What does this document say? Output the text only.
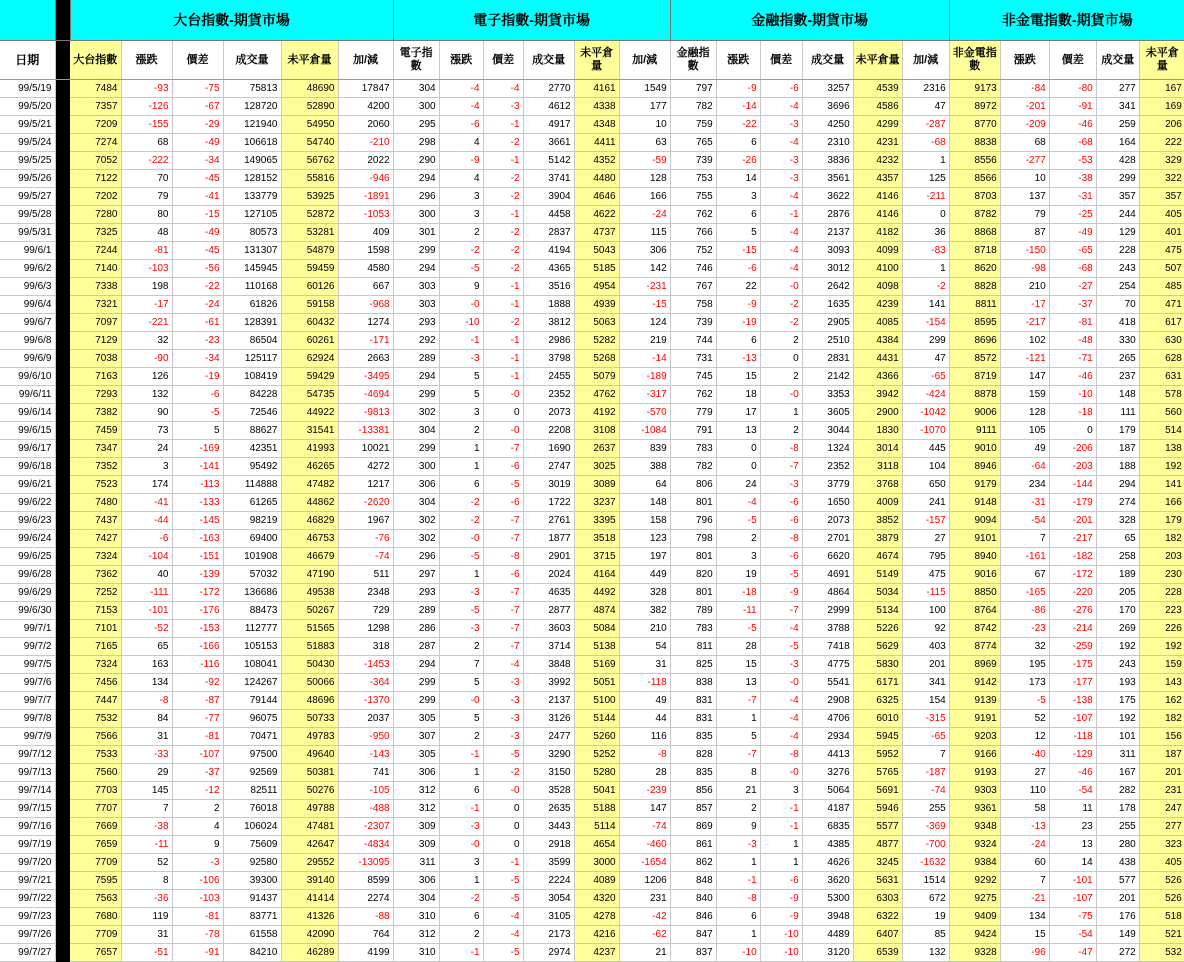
		大台指數-期貨市場						電子指數-期貨市場						金融指數-期貨市場						非金電指數-期貨市場				
日期		大台指數	漲跌	價差	成交量	未平倉量	加/減	電子指數	漲跌	價差	成交量	未平倉量	加/減	金融指數	漲跌	價差	成交量	未平倉量	加/減	非金電指數	漲跌	價差	成交量	未平倉量
99/5/19		7484	-93	-75	75813	48690	17847	304	-4	-4	2770	4161	1549	797	-9	-6	3257	4539	2316	9173	-84	-80	277	167
99/5/20		7357	-126	-67	128720	52890	4200	300	-4	-3	4612	4338	177	782	-14	-4	3696	4586	47	8972	-201	-91	341	169
99/5/21		7209	-155	-29	121940	54950	2060	295	-6	-1	4917	4348	10	759	-22	-3	4250	4299	-287	8770	-209	-46	259	206
99/5/24		7274	68	-49	106618	54740	-210	298	4	-2	3661	4411	63	765	6	-4	2310	4231	-68	8838	68	-68	164	222
99/5/25		7052	-222	-34	149065	56762	2022	290	-9	-1	5142	4352	-59	739	-26	-3	3836	4232	1	8556	-277	-53	428	329
99/5/26		7122	70	-45	128152	55816	-946	294	4	-2	3741	4480	128	753	14	-3	3561	4357	125	8566	10	-38	299	322
99/5/27		7202	79	-41	133779	53925	-1891	296	3	-2	3904	4646	166	755	3	-4	3622	4146	-211	8703	137	-31	357	357
99/5/28		7280	80	-15	127105	52872	-1053	300	3	-1	4458	4622	-24	762	6	-1	2876	4146	0	8782	79	-25	244	405
99/5/31		7325	48	-49	80573	53281	409	301	2	-2	2837	4737	115	766	5	-4	2137	4182	36	8868	87	-49	129	401
99/6/1		7244	-81	-45	131307	54879	1598	299	-2	-2	4194	5043	306	752	-15	-4	3093	4099	-83	8718	-150	-65	228	475
99/6/2		7140	-103	-56	145945	59459	4580	294	-5	-2	4365	5185	142	746	-6	-4	3012	4100	1	8620	-98	-68	243	507
99/6/3		7338	198	-22	110168	60126	667	303	9	-1	3516	4954	-231	767	22	-0	2642	4098	-2	8828	210	-27	254	485
99/6/4		7321	-17	-24	61826	59158	-968	303	-0	-1	1888	4939	-15	758	-9	-2	1635	4239	141	8811	-17	-37	70	471
99/6/7		7097	-221	-61	128391	60432	1274	293	-10	-2	3812	5063	124	739	-19	-2	2905	4085	-154	8595	-217	-81	418	617
99/6/8		7129	32	-23	86504	60261	-171	292	-1	-1	2986	5282	219	744	6	2	2510	4384	299	8696	102	-48	330	630
99/6/9		7038	-90	-34	125117	62924	2663	289	-3	-1	3798	5268	-14	731	-13	0	2831	4431	47	8572	-121	-71	265	628
99/6/10		7163	126	-19	108419	59429	-3495	294	5	-1	2455	5079	-189	745	15	2	2142	4366	-65	8719	147	-46	237	631
99/6/11		7293	132	-6	84228	54735	-4694	299	5	-0	2352	4762	-317	762	18	-0	3353	3942	-424	8878	159	-10	148	578
99/6/14		7382	90	-5	72546	44922	-9813	302	3	0	2073	4192	-570	779	17	1	3605	2900	-1042	9006	128	-18	111	560
99/6/15		7459	73	5	88627	31541	-13381	304	2	-0	2208	3108	-1084	791	13	2	3044	1830	-1070	9111	105	0	179	514
99/6/17		7347	24	-169	42351	41993	10021	299	1	-7	1690	2637	839	783	0	-8	1324	3014	445	9010	49	-206	187	138
99/6/18		7352	3	-141	95492	46265	4272	300	1	-6	2747	3025	388	782	0	-7	2352	3118	104	8946	-64	-203	188	192
99/6/21		7523	174	-113	114888	47482	1217	306	6	-5	3019	3089	64	806	24	-3	3779	3768	650	9179	234	-144	294	141
99/6/22		7480	-41	-133	61265	44862	-2620	304	-2	-6	1722	3237	148	801	-4	-6	1650	4009	241	9148	-31	-179	274	166
99/6/23		7437	-44	-145	98219	46829	1967	302	-2	-7	2761	3395	158	796	-5	-6	2073	3852	-157	9094	-54	-201	328	179
99/6/24		7427	-6	-163	69400	46753	-76	302	-0	-7	1877	3518	123	798	2	-8	2701	3879	27	9101	7	-217	65	182
99/6/25		7324	-104	-151	101908	46679	-74	296	-5	-8	2901	3715	197	801	3	-6	6620	4674	795	8940	-161	-182	258	203
99/6/28		7362	40	-139	57032	47190	511	297	1	-6	2024	4164	449	820	19	-5	4691	5149	475	9016	67	-172	189	230
99/6/29		7252	-111	-172	136686	49538	2348	293	-3	-7	4635	4492	328	801	-18	-9	4864	5034	-115	8850	-165	-220	205	228
99/6/30		7153	-101	-176	88473	50267	729	289	-5	-7	2877	4874	382	789	-11	-7	2999	5134	100	8764	-86	-276	170	223
99/7/1		7101	-52	-153	112777	51565	1298	286	-3	-7	3603	5084	210	783	-5	-4	3788	5226	92	8742	-23	-214	269	226
99/7/2		7165	65	-166	105153	51883	318	287	2	-7	3714	5138	54	811	28	-5	7418	5629	403	8774	32	-259	192	192
99/7/5		7324	163	-116	108041	50430	-1453	294	7	-4	3848	5169	31	825	15	-3	4775	5830	201	8969	195	-175	243	159
99/7/6		7456	134	-92	124267	50066	-364	299	5	-3	3992	5051	-118	838	13	-0	5541	6171	341	9142	173	-177	193	143
99/7/7		7447	-8	-87	79144	48696	-1370	299	-0	-3	2137	5100	49	831	-7	-4	2908	6325	154	9139	-5	-138	175	162
99/7/8		7532	84	-77	96075	50733	2037	305	5	-3	3126	5144	44	831	1	-4	4706	6010	-315	9191	52	-107	192	182
99/7/9		7566	31	-81	70471	49783	-950	307	2	-3	2477	5260	116	835	5	-4	2934	5945	-65	9203	12	-118	101	156
99/7/12		7533	-33	-107	97500	49640	-143	305	-1	-5	3290	5252	-8	828	-7	-8	4413	5952	7	9166	-40	-129	311	187
99/7/13		7560	29	-37	92569	50381	741	306	1	-2	3150	5280	28	835	8	-0	3276	5765	-187	9193	27	-46	167	201
99/7/14		7703	145	-12	82511	50276	-105	312	6	-0	3528	5041	-239	856	21	3	5064	5691	-74	9303	110	-54	282	231
99/7/15		7707	7	2	76018	49788	-488	312	-1	0	2635	5188	147	857	2	-1	4187	5946	255	9361	58	11	178	247
99/7/16		7669	-38	4	106024	47481	-2307	309	-3	0	3443	5114	-74	869	9	-1	6835	5577	-369	9348	-13	23	255	277
99/7/19		7659	-11	9	75609	42647	-4834	309	-0	0	2918	4654	-460	861	-3	1	4385	4877	-700	9324	-24	13	280	323
99/7/20		7709	52	-3	92580	29552	-13095	311	3	-1	3599	3000	-1654	862	1	1	4626	3245	-1632	9384	60	14	438	405
99/7/21		7595	8	-106	39300	39140	8599	306	1	-5	2224	4089	1206	848	-1	-6	3620	5631	1514	9292	7	-101	577	526
99/7/22		7563	-36	-103	91437	41414	2274	304	-2	-5	3054	4320	231	840	-8	-9	5300	6303	672	9275	-21	-107	201	526
99/7/23		7680	119	-81	83771	41326	-88	310	6	-4	3105	4278	-42	846	6	-9	3948	6322	19	9409	134	-75	176	518
99/7/26		7709	31	-78	61558	42090	764	312	2	-4	2173	4216	-62	847	1	-10	4489	6407	85	9424	15	-54	149	521
99/7/27		7657	-51	-91	84210	46289	4199	310	-1	-5	2974	4237	21	837	-10	-10	3120	6539	132	9328	-96	-47	272	532
